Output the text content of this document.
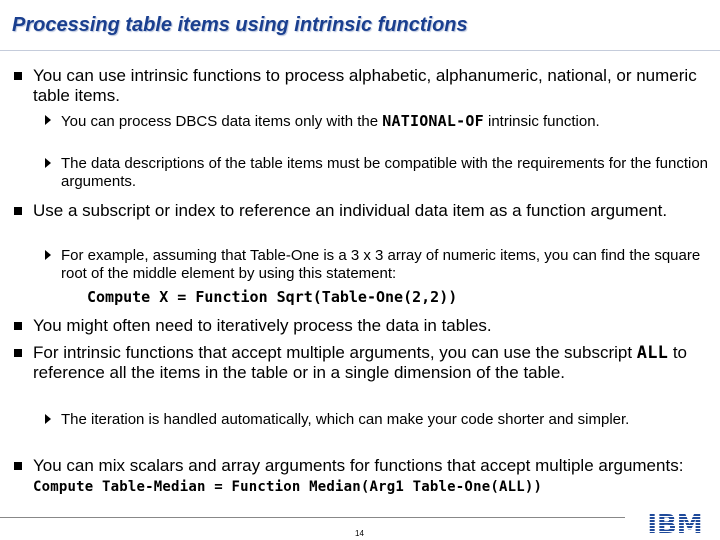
Processing table items using intrinsic functions
You can use intrinsic functions to process alphabetic, alphanumeric, national, or numeric table items.
You can process DBCS data items only with the NATIONAL-OF intrinsic function.
The data descriptions of the table items must be compatible with the requirements for the function arguments.
Use a subscript or index to reference an individual data item as a function argument.
For example, assuming that Table-One is a 3 x 3 array of numeric items, you can find the square root of the middle element by using this statement:
Compute X = Function Sqrt(Table-One(2,2))
You might often need to iteratively process the data in tables.
For intrinsic functions that accept multiple arguments, you can use the subscript ALL to reference all the items in the table or in a single dimension of the table.
The iteration is handled automatically, which can make your code shorter and simpler.
You can mix scalars and array arguments for functions that accept multiple arguments: Compute Table-Median = Function Median(Arg1 Table-One(ALL))
14
